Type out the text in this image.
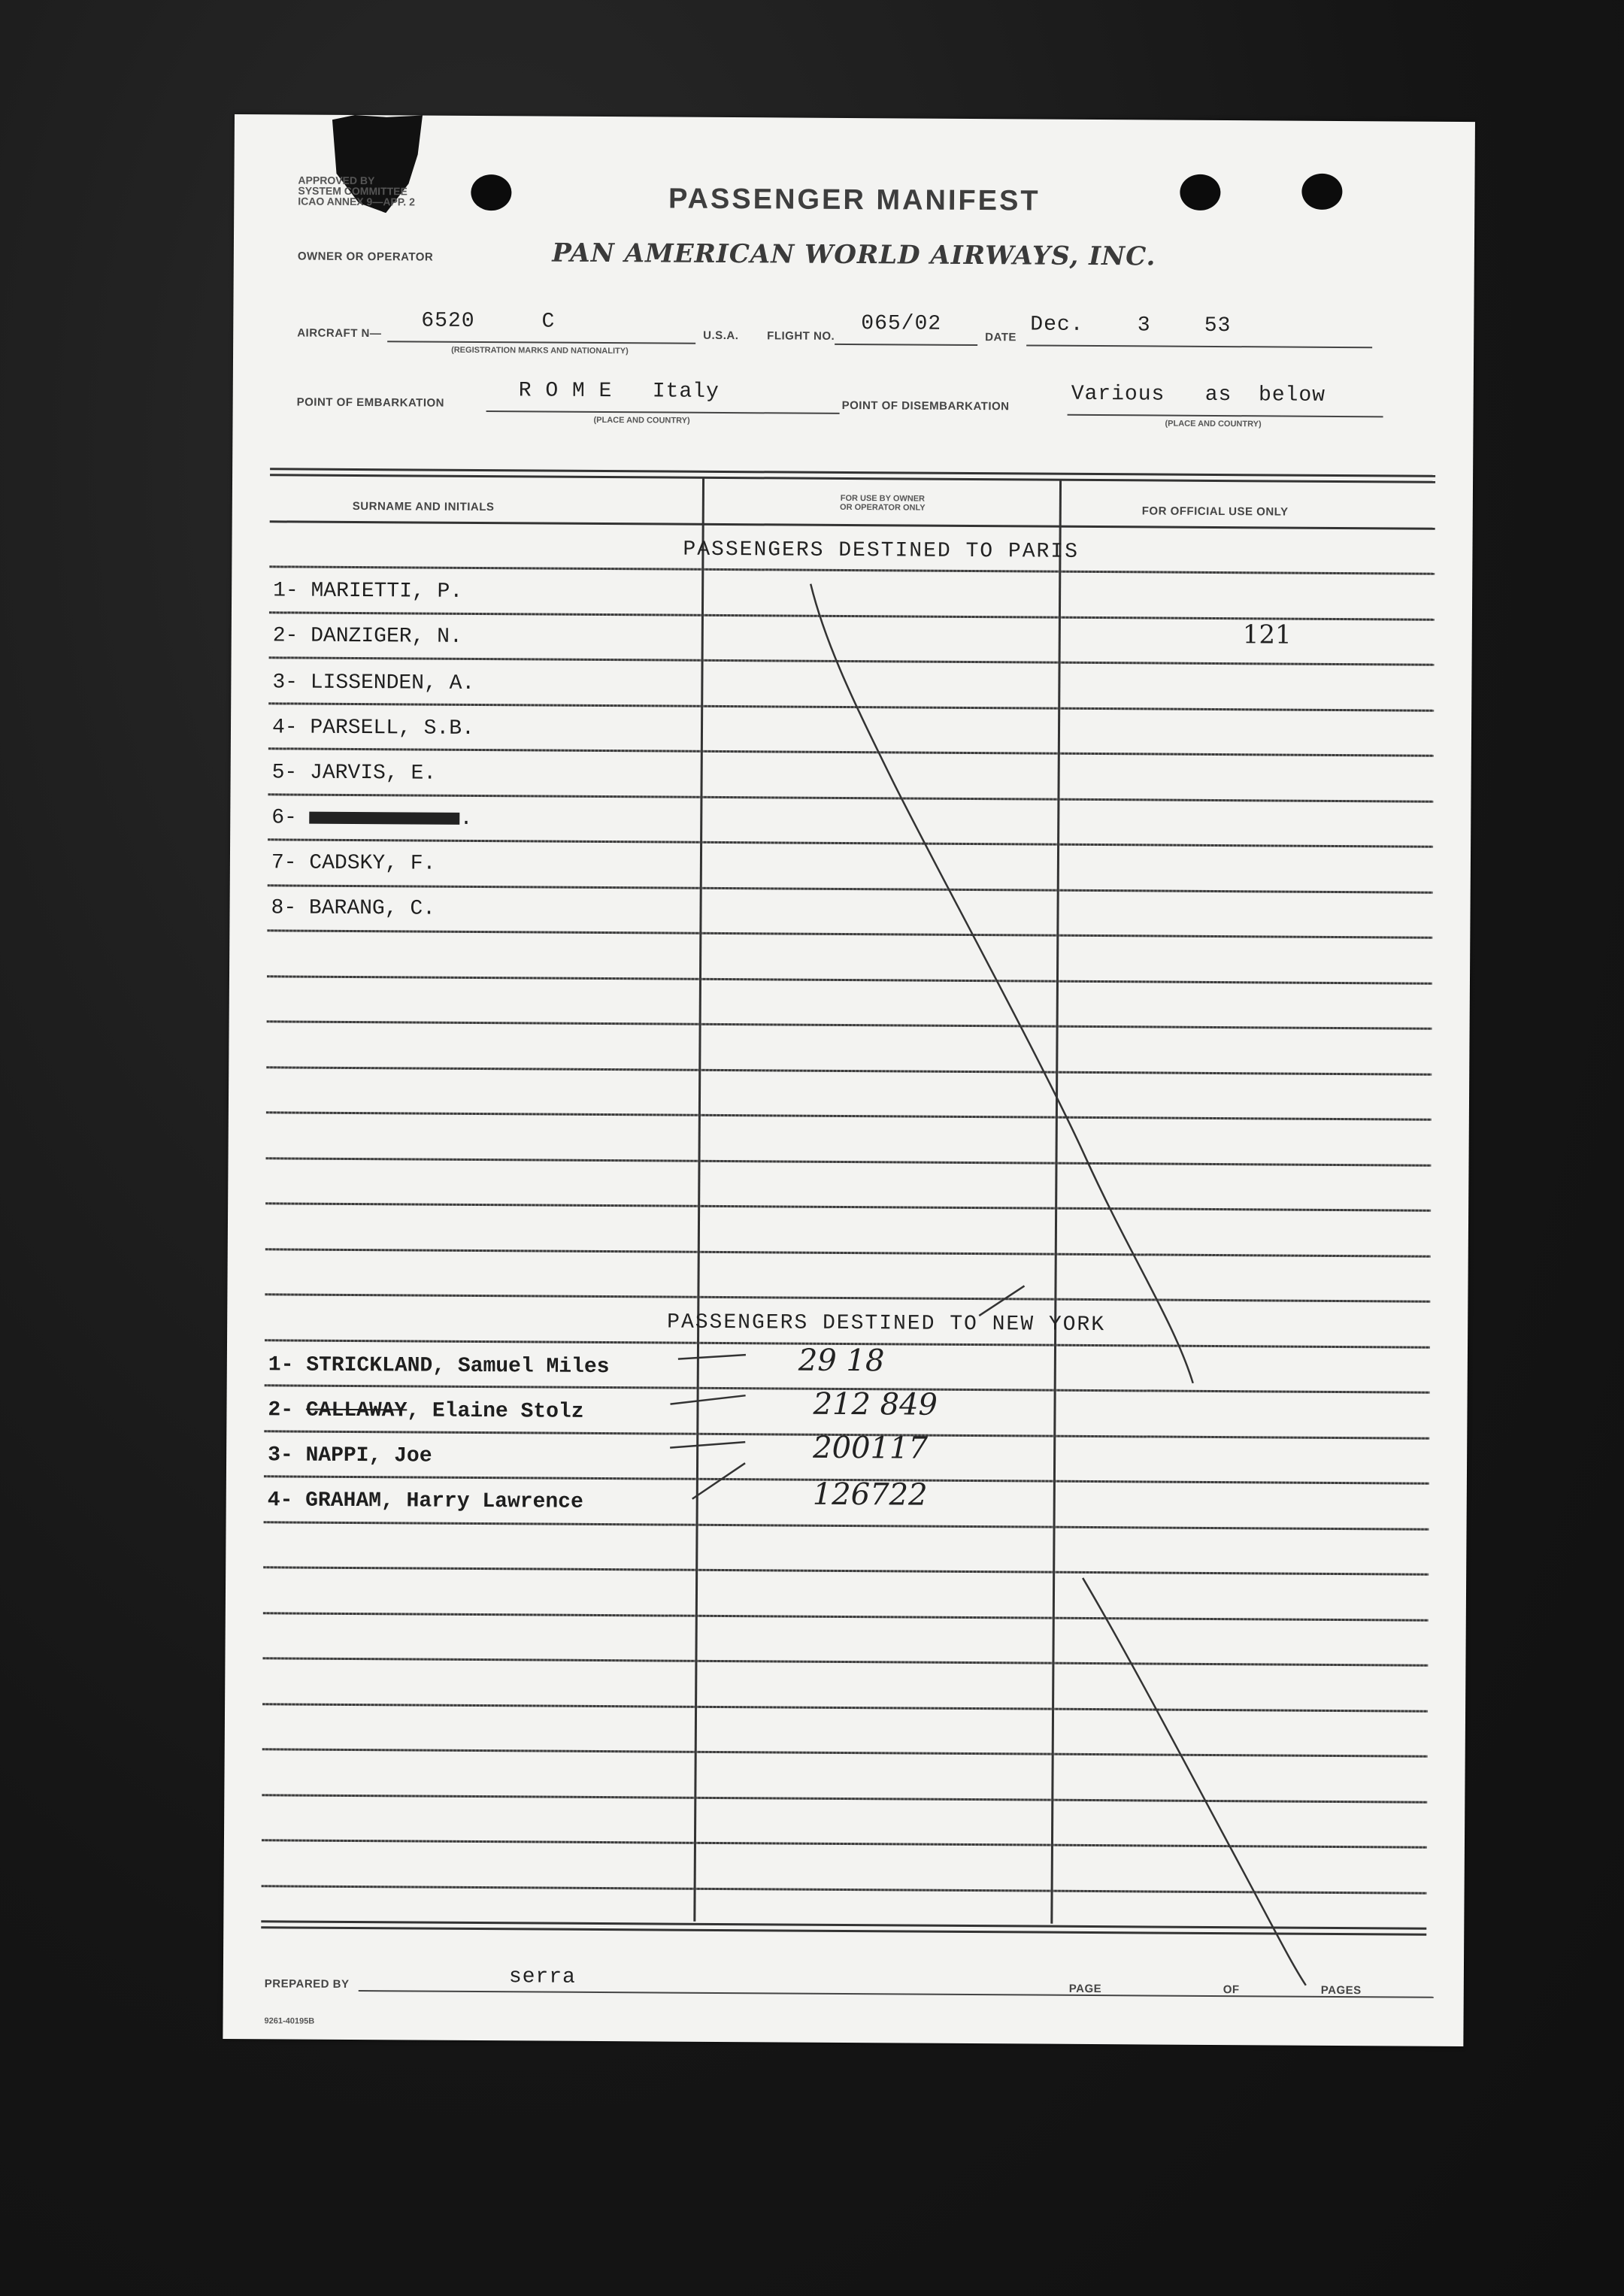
APPROVED BY
SYSTEM COMMITTEE
ICAO ANNEX 9—APP. 2	PASSENGER MANIFEST
OWNER OR OPERATOR	PAN AMERICAN WORLD AIRWAYS, INC.
AIRCRAFT N— 6520     C
(REGISTRATION MARKS AND NATIONALITY)
U.S.A.	FLIGHT NO.
065/02
DATE Dec.    3    53
POINT OF EMBARKATION	R O M E   Italy
(PLACE AND COUNTRY)
POINT OF DISEMBARKATION	Various   as  below
(PLACE AND COUNTRY)
SURNAME AND INITIALS
FOR USE BY OWNER
OR OPERATOR ONLY	FOR OFFICIAL USE ONLY
PASSENGERS DESTINED TO PARIS
1- MARIETTI, P.
2- DANZIGER, N.	121
3- LISSENDEN, A.
4- PARSELL, S.B.
5- JARVIS, E.
6-	.
7- CADSKY, F.
8- BARANG, C.
PASSENGERS DESTINED TO NEW YORK
1- STRICKLAND, Samuel Miles	29 18
2- CALLAWAY, Elaine Stolz	212 849
3- NAPPI, Joe	200117
4- GRAHAM, Harry Lawrence	126722
PREPARED BY	serra	PAGE	OF	PAGES
9261-40195B
